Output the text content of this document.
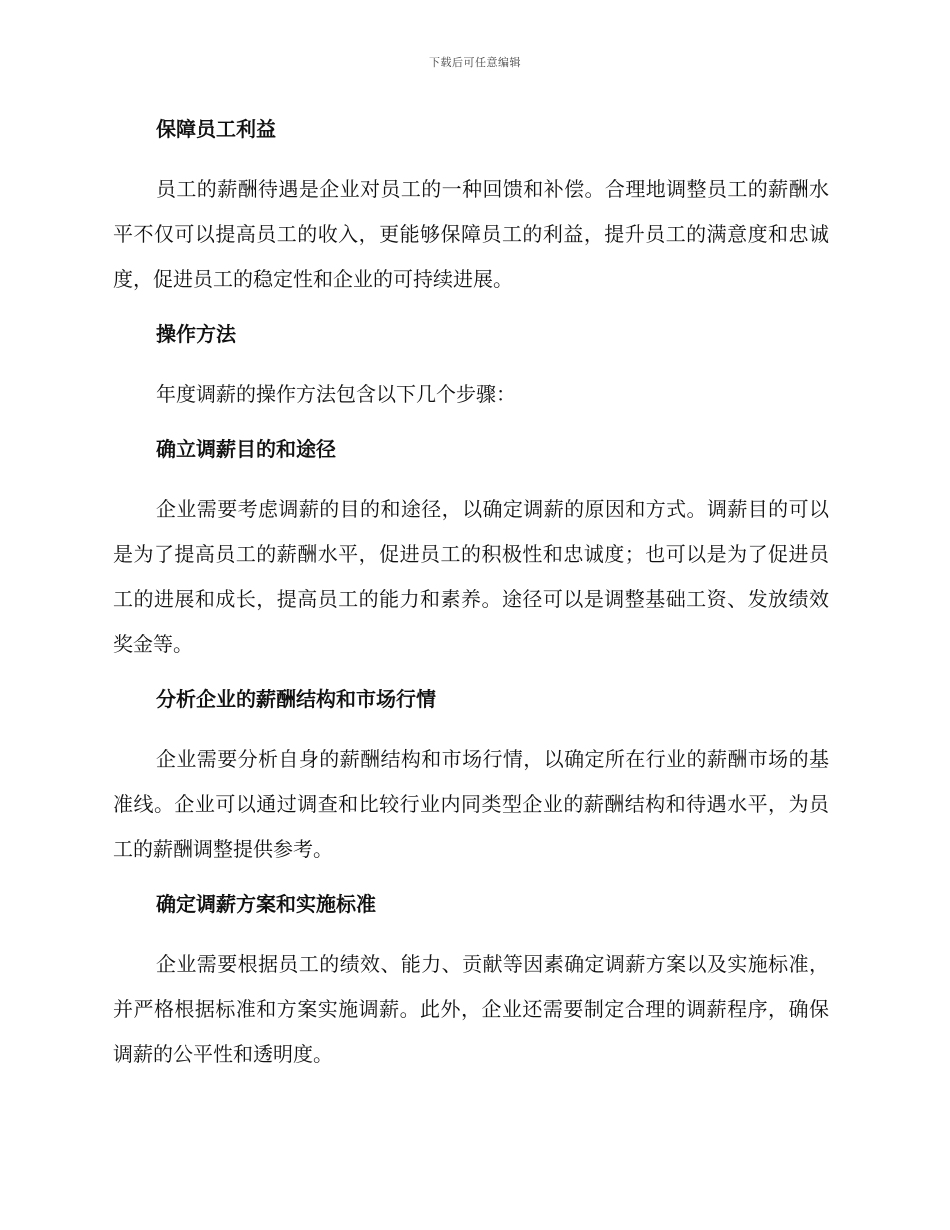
下载后可任意编辑
保障员工利益

员工的薪酬待遇是企业对员工的一种回馈和补偿。合理地调整员工的薪酬水平不仅可以提高员工的收入，更能够保障员工的利益，提升员工的满意度和忠诚度，促进员工的稳定性和企业的可持续进展。

操作方法

年度调薪的操作方法包含以下几个步骤：

确立调薪目的和途径

企业需要考虑调薪的目的和途径，以确定调薪的原因和方式。调薪目的可以是为了提高员工的薪酬水平，促进员工的积极性和忠诚度；也可以是为了促进员工的进展和成长，提高员工的能力和素养。途径可以是调整基础工资、发放绩效奖金等。

分析企业的薪酬结构和市场行情

企业需要分析自身的薪酬结构和市场行情，以确定所在行业的薪酬市场的基准线。企业可以通过调查和比较行业内同类型企业的薪酬结构和待遇水平，为员工的薪酬调整提供参考。

确定调薪方案和实施标准

企业需要根据员工的绩效、能力、贡献等因素确定调薪方案以及实施标准，并严格根据标准和方案实施调薪。此外，企业还需要制定合理的调薪程序，确保调薪的公平性和透明度。
